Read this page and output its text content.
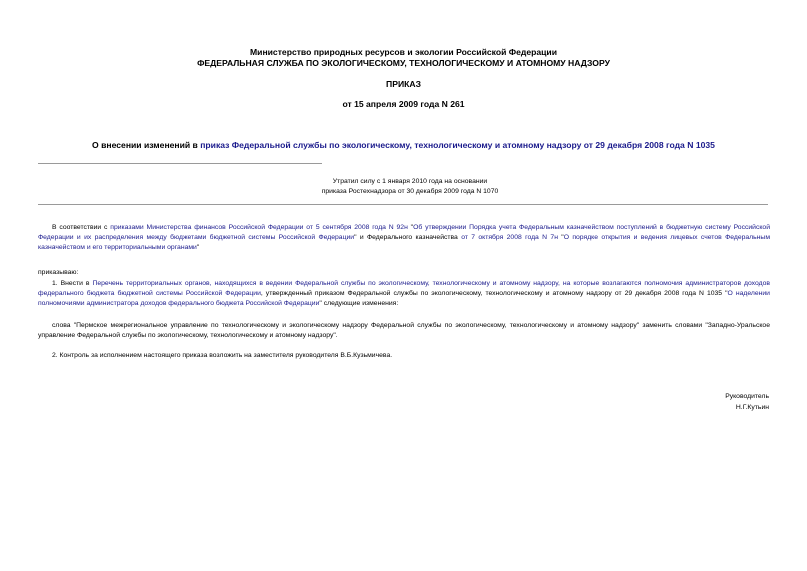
Министерство природных ресурсов и экологии Российской Федерации
ФЕДЕРАЛЬНАЯ СЛУЖБА ПО ЭКОЛОГИЧЕСКОМУ, ТЕХНОЛОГИЧЕСКОМУ И АТОМНОМУ НАДЗОРУ
ПРИКАЗ
от 15 апреля 2009 года N 261
О внесении изменений в приказ Федеральной службы по экологическому, технологическому и атомному надзору от 29 декабря 2008 года N 1035
Утратил силу с 1 января 2010 года на основании
приказа Ростехнадзора от 30 декабря 2009 года N 1070
В соответствии с приказами Министерства финансов Российской Федерации от 5 сентября 2008 года N 92н "Об утверждении Порядка учета Федеральным казначейством поступлений в бюджетную систему Российской Федерации и их распределения между бюджетами бюджетной системы Российской Федерации" и Федерального казначейства от 7 октября 2008 года N 7н "О порядке открытия и ведения лицевых счетов Федеральным казначейством и его территориальными органами"
приказываю:
1. Внести в Перечень территориальных органов, находящихся в ведении Федеральной службы по экологическому, технологическому и атомному надзору, на которые возлагаются полномочия администраторов доходов федерального бюджета бюджетной системы Российской Федерации, утвержденный приказом Федеральной службы по экологическому, технологическому и атомному надзору от 29 декабря 2008 года N 1035 "О наделении полномочиями администратора доходов федерального бюджета Российской Федерации" следующие изменения:
слова "Пермское межрегиональное управление по технологическому и экологическому надзору Федеральной службы по экологическому, технологическому и атомному надзору" заменить словами "Западно-Уральское управление Федеральной службы по экологическому, технологическому и атомному надзору".
2. Контроль за исполнением настоящего приказа возложить на заместителя руководителя В.Б.Кузьмичева.
Руководитель
Н.Г.Кутьин
